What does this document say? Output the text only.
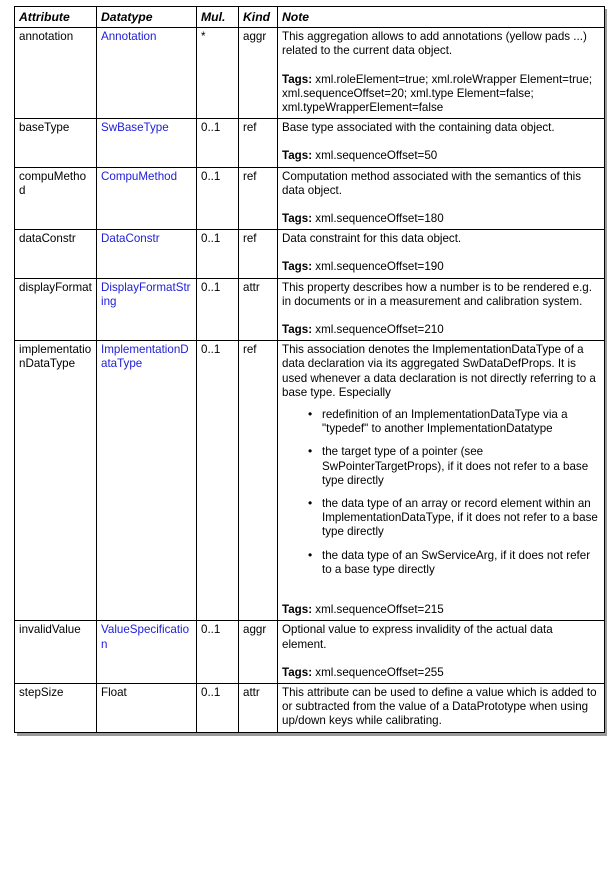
Attribute	Datatype	Mul.	Kind	Note
annotation	Annotation	*	aggr	This aggregation allows to add annotations (yellow pads ...) related to the current data object.
Tags: xml.roleElement=true; xml.roleWrapper Element=true; xml.sequenceOffset=20; xml.type Element=false; xml.typeWrapperElement=false

baseType	SwBaseType	0..1	ref	Base type associated with the containing data object.
Tags: xml.sequenceOffset=50

compuMethod	CompuMethod	0..1	ref	Computation method associated with the semantics of this data object.
Tags: xml.sequenceOffset=180

dataConstr	DataConstr	0..1	ref	Data constraint for this data object.
Tags: xml.sequenceOffset=190

displayFormat	DisplayFormatString	0..1	attr	This property describes how a number is to be rendered e.g. in documents or in a measurement and calibration system.
Tags: xml.sequenceOffset=210

implementationDataType	ImplementationDataType	0..1	ref	This association denotes the ImplementationDataType of a data declaration via its aggregated SwDataDefProps. It is used whenever a data declaration is not directly referring to a base type. Especially
• redefinition of an ImplementationDataType via a "typedef" to another ImplementationDatatype
• the target type of a pointer (see SwPointerTargetProps), if it does not refer to a base type directly
• the data type of an array or record element within an ImplementationDataType, if it does not refer to a base type directly
• the data type of an SwServiceArg, if it does not refer to a base type directly
Tags: xml.sequenceOffset=215

invalidValue	ValueSpecification	0..1	aggr	Optional value to express invalidity of the actual data element.
Tags: xml.sequenceOffset=255

stepSize	Float	0..1	attr	This attribute can be used to define a value which is added to or subtracted from the value of a DataPrototype when using up/down keys while calibrating.
